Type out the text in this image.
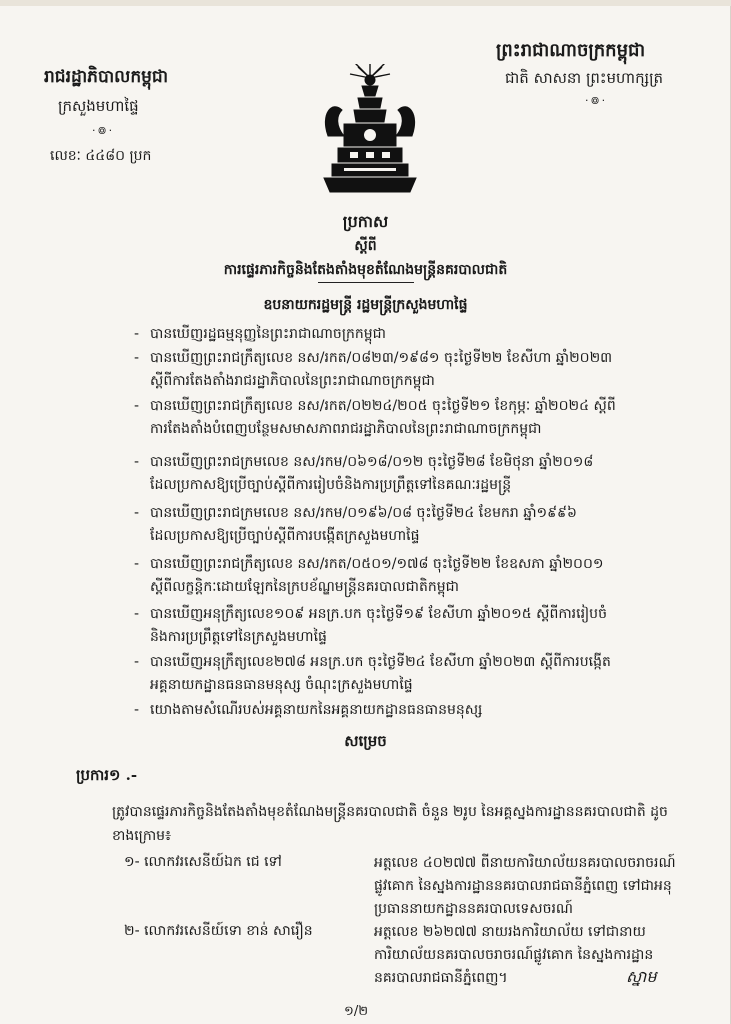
រាជរដ្ឋាភិបាលកម្ពុជា
ក្រសួងមហាផ្ទៃ
·៙·
លេខៈ ៤៤៨០ ប្រក
ព្រះរាជាណាចក្រកម្ពុជា
ជាតិ សាសនា ព្រះមហាក្សត្រ
·៙·
ប្រកាស
ស្តីពី
ការផ្ទេរភារកិច្ចនិងតែងតាំងមុខតំណែងមន្ត្រីនគរបាលជាតិ
ឧបនាយករដ្ឋមន្ត្រី រដ្ឋមន្ត្រីក្រសួងមហាផ្ទៃ
- បានឃើញរដ្ឋធម្មនុញ្ញនៃព្រះរាជាណាចក្រកម្ពុជា
- បានឃើញព្រះរាជក្រឹត្យលេខ នស/រកត/០៨២៣/១៩៨១ ចុះថ្ងៃទី២២ ខែសីហា ឆ្នាំ២០២៣
ស្តីពីការតែងតាំងរាជរដ្ឋាភិបាលនៃព្រះរាជាណាចក្រកម្ពុជា
- បានឃើញព្រះរាជក្រឹត្យលេខ នស/រកត/០២២៤/២០៥ ចុះថ្ងៃទី២១ ខែកុម្ភៈ ឆ្នាំ២០២៤ ស្តីពី
ការតែងតាំងបំពេញបន្ថែមសមាសភាពរាជរដ្ឋាភិបាលនៃព្រះរាជាណាចក្រកម្ពុជា
- បានឃើញព្រះរាជក្រមលេខ នស/រកម/០៦១៨/០១២ ចុះថ្ងៃទី២៨ ខែមិថុនា ឆ្នាំ២០១៨
ដែលប្រកាសឱ្យប្រើច្បាប់ស្តីពីការរៀបចំនិងការប្រព្រឹត្តទៅនៃគណៈរដ្ឋមន្ត្រី
- បានឃើញព្រះរាជក្រមលេខ នស/រកម/០១៩៦/០៨ ចុះថ្ងៃទី២៤ ខែមករា ឆ្នាំ១៩៩៦
ដែលប្រកាសឱ្យប្រើច្បាប់ស្តីពីការបង្កើតក្រសួងមហាផ្ទៃ
- បានឃើញព្រះរាជក្រឹត្យលេខ នស/រកត/០៥០១/១៧៨ ចុះថ្ងៃទី២២ ខែឧសភា ឆ្នាំ២០០១
ស្តីពីលក្ខន្តិកៈដោយឡែកនៃក្របខ័ណ្ឌមន្ត្រីនគរបាលជាតិកម្ពុជា
- បានឃើញអនុក្រឹត្យលេខ១០៩ អនក្រ.បក ចុះថ្ងៃទី១៩ ខែសីហា ឆ្នាំ២០១៥ ស្តីពីការរៀបចំ
និងការប្រព្រឹត្តទៅនៃក្រសួងមហាផ្ទៃ
- បានឃើញអនុក្រឹត្យលេខ២៧៨ អនក្រ.បក ចុះថ្ងៃទី២៤ ខែសីហា ឆ្នាំ២០២៣ ស្តីពីការបង្កើត
អគ្គនាយកដ្ឋានធនធានមនុស្ស ចំណុះក្រសួងមហាផ្ទៃ
- យោងតាមសំណើរបស់អគ្គនាយកនៃអគ្គនាយកដ្ឋានធនធានមនុស្ស
សម្រេច
ប្រការ១ .-
ត្រូវបានផ្ទេរភារកិច្ចនិងតែងតាំងមុខតំណែងមន្ត្រីនគរបាលជាតិ ចំនួន ២រូប នៃអគ្គស្នងការដ្ឋាននគរបាលជាតិ ដូចខាងក្រោម៖
១- លោកវរសេនីយ៍ឯក ជេ ទៅ	អត្តលេខ ៤០២៧៧ ពីនាយការិយាល័យនគរបាលចរាចរណ៍ផ្លូវគោក នៃស្នងការដ្ឋាននគរបាលរាជធានីភ្នំពេញ ទៅជាអនុប្រធាននាយកដ្ឋាននគរបាលទេសចរណ៍
២- លោកវរសេនីយ៍ទោ ខាន់ សារឿន	អត្តលេខ ២៦២៧៧ នាយរងការិយាល័យ ទៅជានាយការិយាល័យនគរបាលចរាចរណ៍ផ្លូវគោក នៃស្នងការដ្ឋាននគរបាលរាជធានីភ្នំពេញ។	ស្នាម
១/២
